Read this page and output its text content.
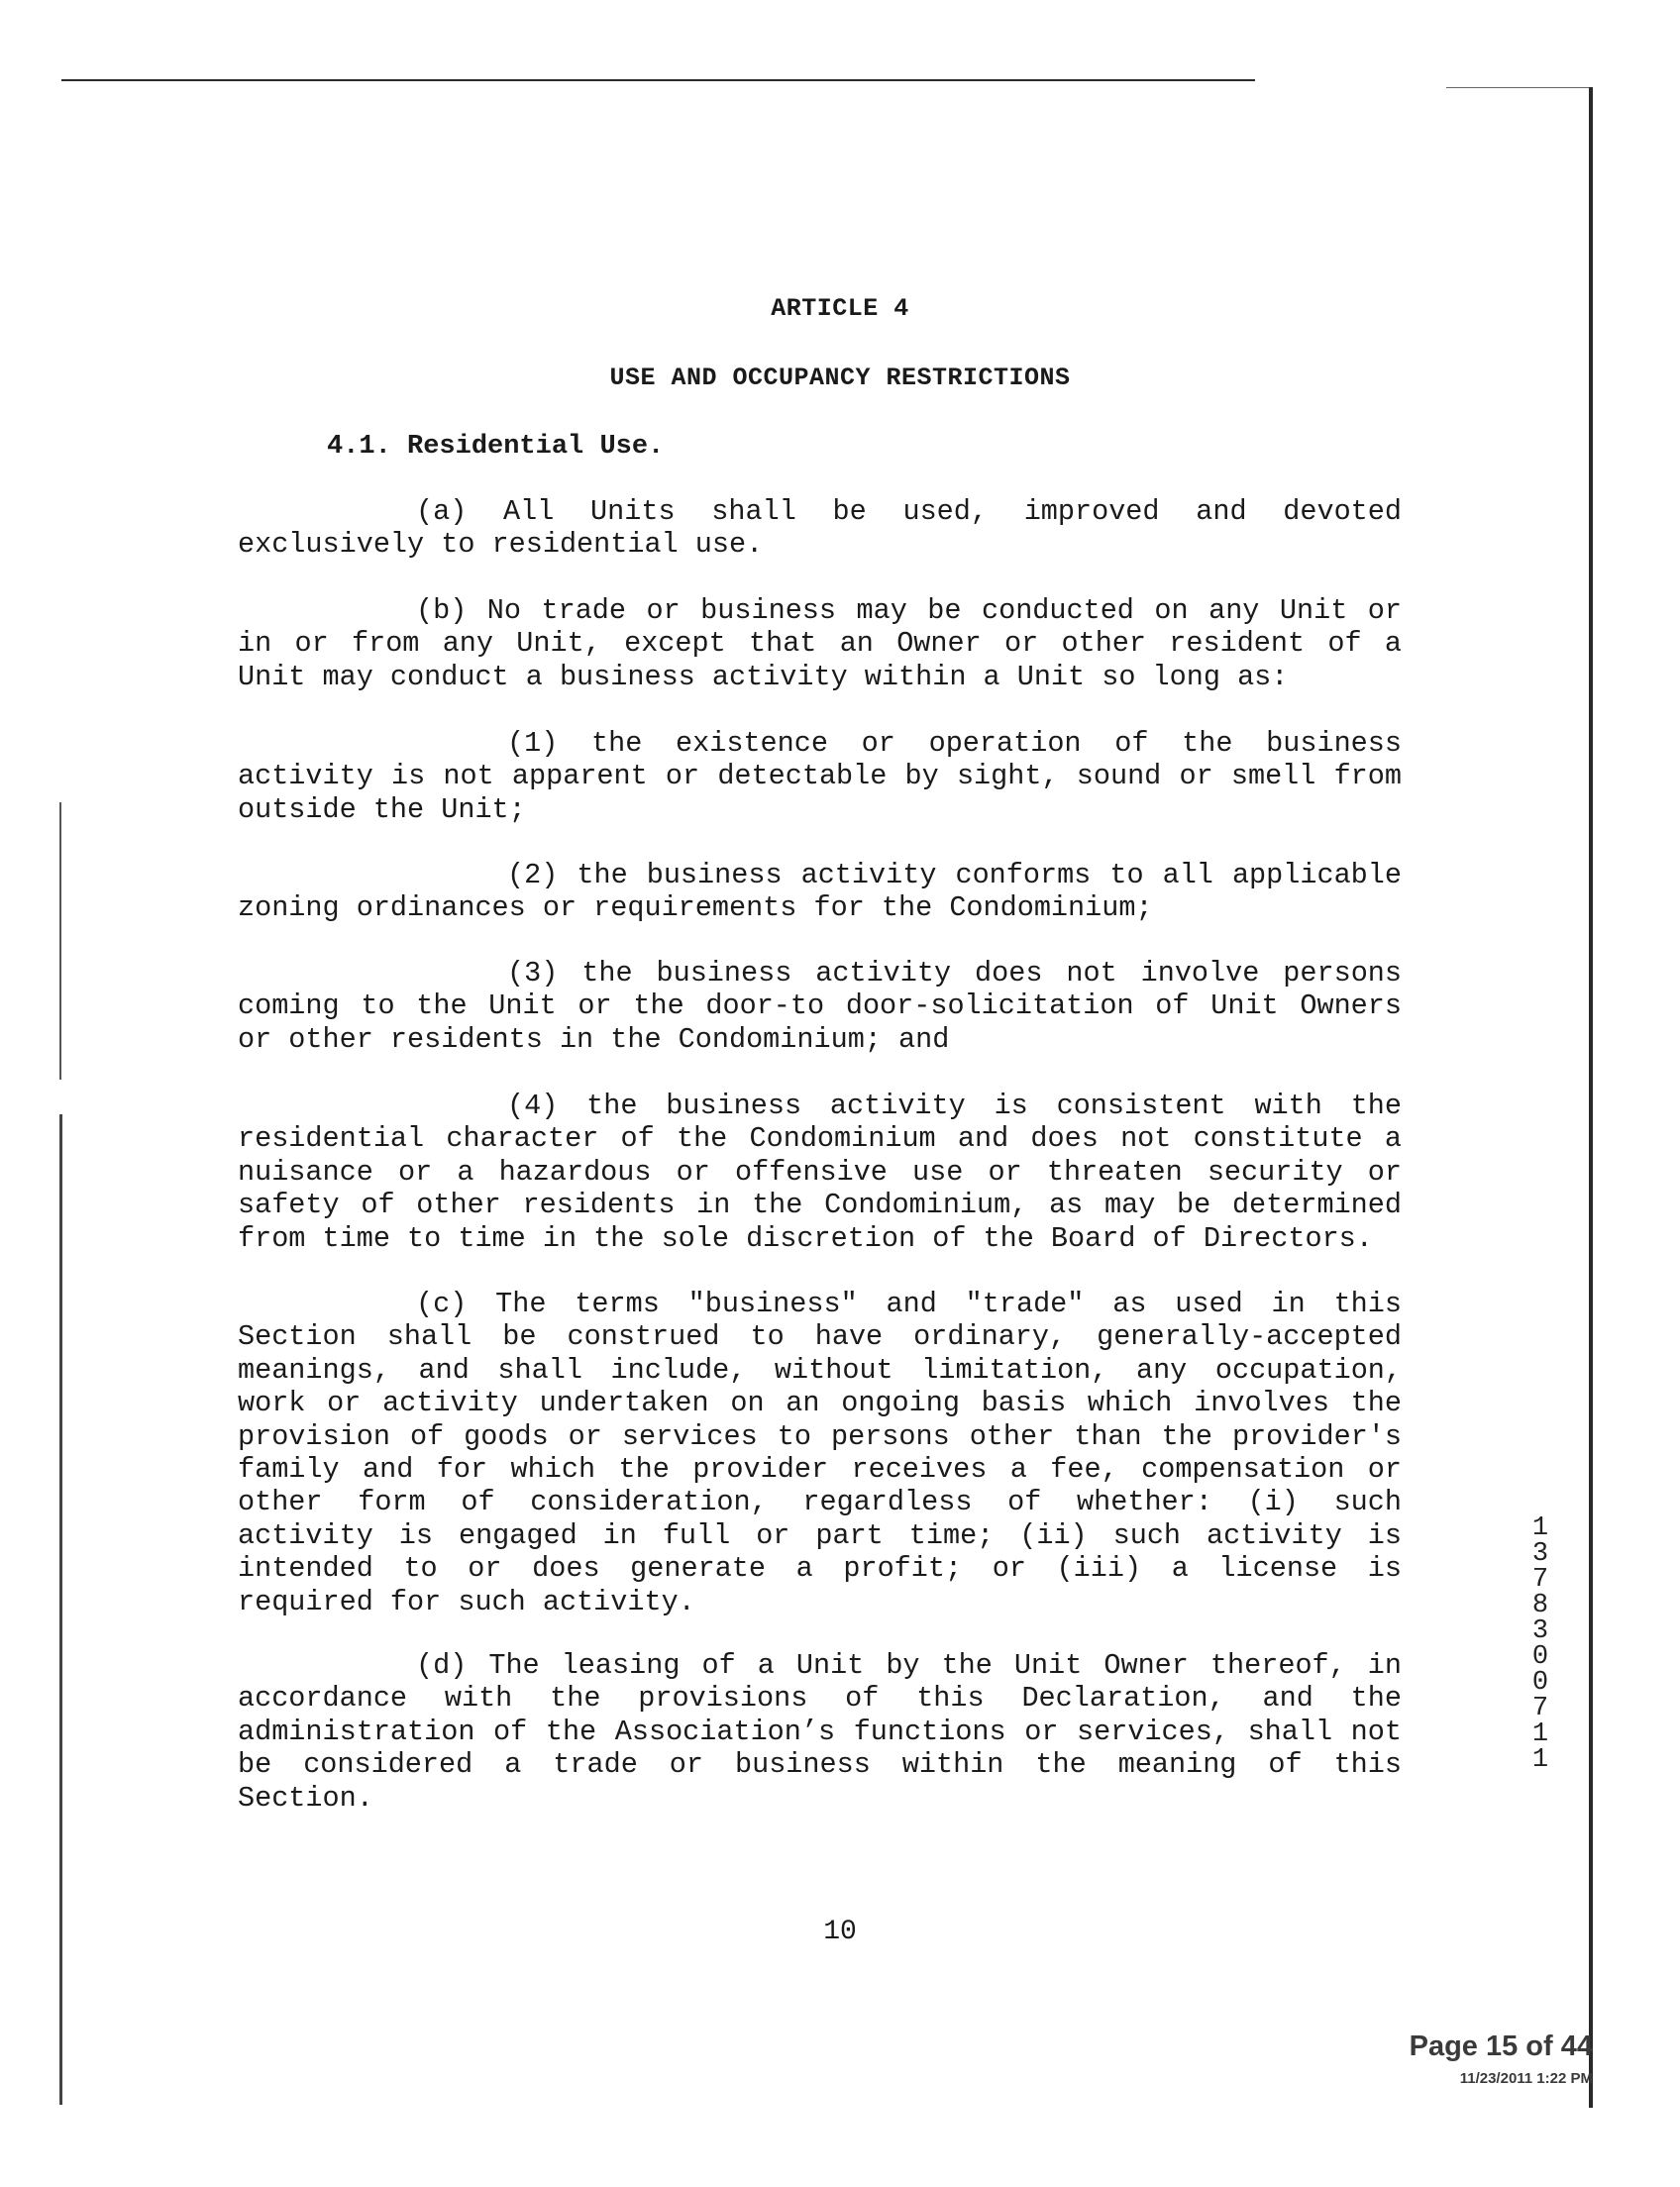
ARTICLE 4
USE AND OCCUPANCY RESTRICTIONS
4.1. Residential Use.

(a) All Units shall be used, improved and devoted exclusively to residential use.

(b) No trade or business may be conducted on any Unit or in or from any Unit, except that an Owner or other resident of a Unit may conduct a business activity within a Unit so long as:

(1) the existence or operation of the business activity is not apparent or detectable by sight, sound or smell from outside the Unit;

(2) the business activity conforms to all applicable zoning ordinances or requirements for the Condominium;

(3) the business activity does not involve persons coming to the Unit or the door-to door-solicitation of Unit Owners or other residents in the Condominium; and

(4) the business activity is consistent with the residential character of the Condominium and does not constitute a nuisance or a hazardous or offensive use or threaten security or safety of other residents in the Condominium, as may be determined from time to time in the sole discretion of the Board of Directors.

(c) The terms "business" and "trade" as used in this Section shall be construed to have ordinary, generally-accepted meanings, and shall include, without limitation, any occupation, work or activity undertaken on an ongoing basis which involves the provision of goods or services to persons other than the provider's family and for which the provider receives a fee, compensation or other form of consideration, regardless of whether: (i) such activity is engaged in full or part time; (ii) such activity is intended to or does generate a profit; or (iii) a license is required for such activity.

(d) The leasing of a Unit by the Unit Owner thereof, in accordance with the provisions of this Declaration, and the administration of the Association’s functions or services, shall not be considered a trade or business within the meaning of this Section.

10
13783 00711
Page 15 of 44
11/23/2011 1:22 PM
